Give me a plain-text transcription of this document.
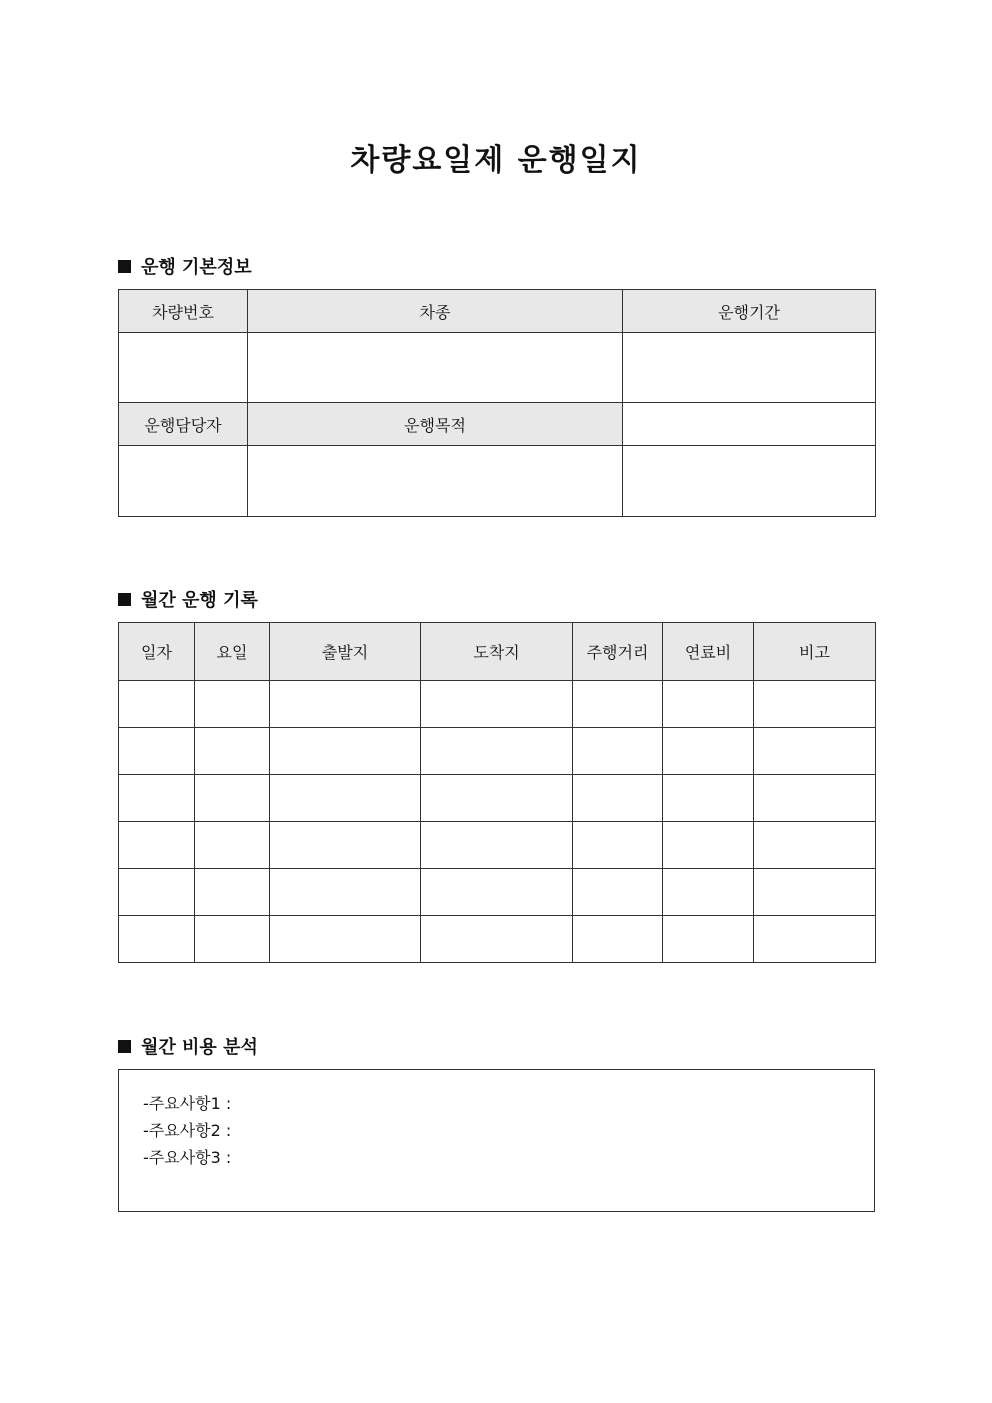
차량요일제 운행일지
운행 기본정보
차량번호	차종	운행기간

운행담당자	운행목적	

월간 운행 기록
일자	요일	출발지	도착지	주행거리	연료비	비고

월간 비용 분석
-주요사항1 :
-주요사항2 :
-주요사항3 :
